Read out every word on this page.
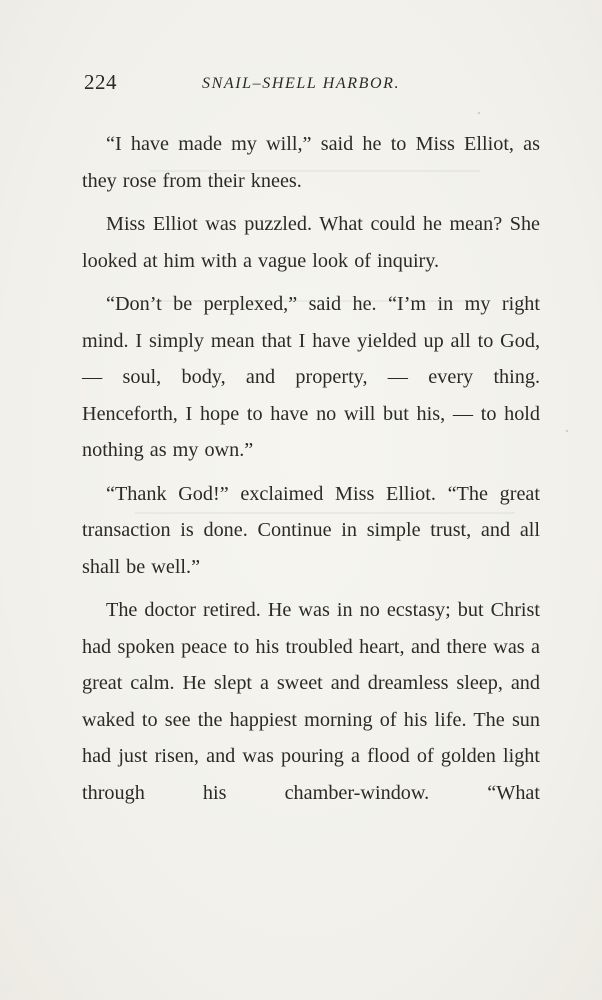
224	SNAIL–SHELL HARBOR.

“I have made my will,” said he to Miss Elliot, as they rose from their knees.

Miss Elliot was puzzled. What could he mean? She looked at him with a vague look of inquiry.

“Don’t be perplexed,” said he. “I’m in my right mind. I simply mean that I have yielded up all to God, — soul, body, and property, — every thing. Henceforth, I hope to have no will but his, — to hold nothing as my own.”

“Thank God!” exclaimed Miss Elliot. “The great transaction is done. Continue in simple trust, and all shall be well.”

The doctor retired. He was in no ecstasy; but Christ had spoken peace to his troubled heart, and there was a great calm. He slept a sweet and dreamless sleep, and waked to see the happiest morning of his life. The sun had just risen, and was pouring a flood of golden light through his chamber-window. “What
